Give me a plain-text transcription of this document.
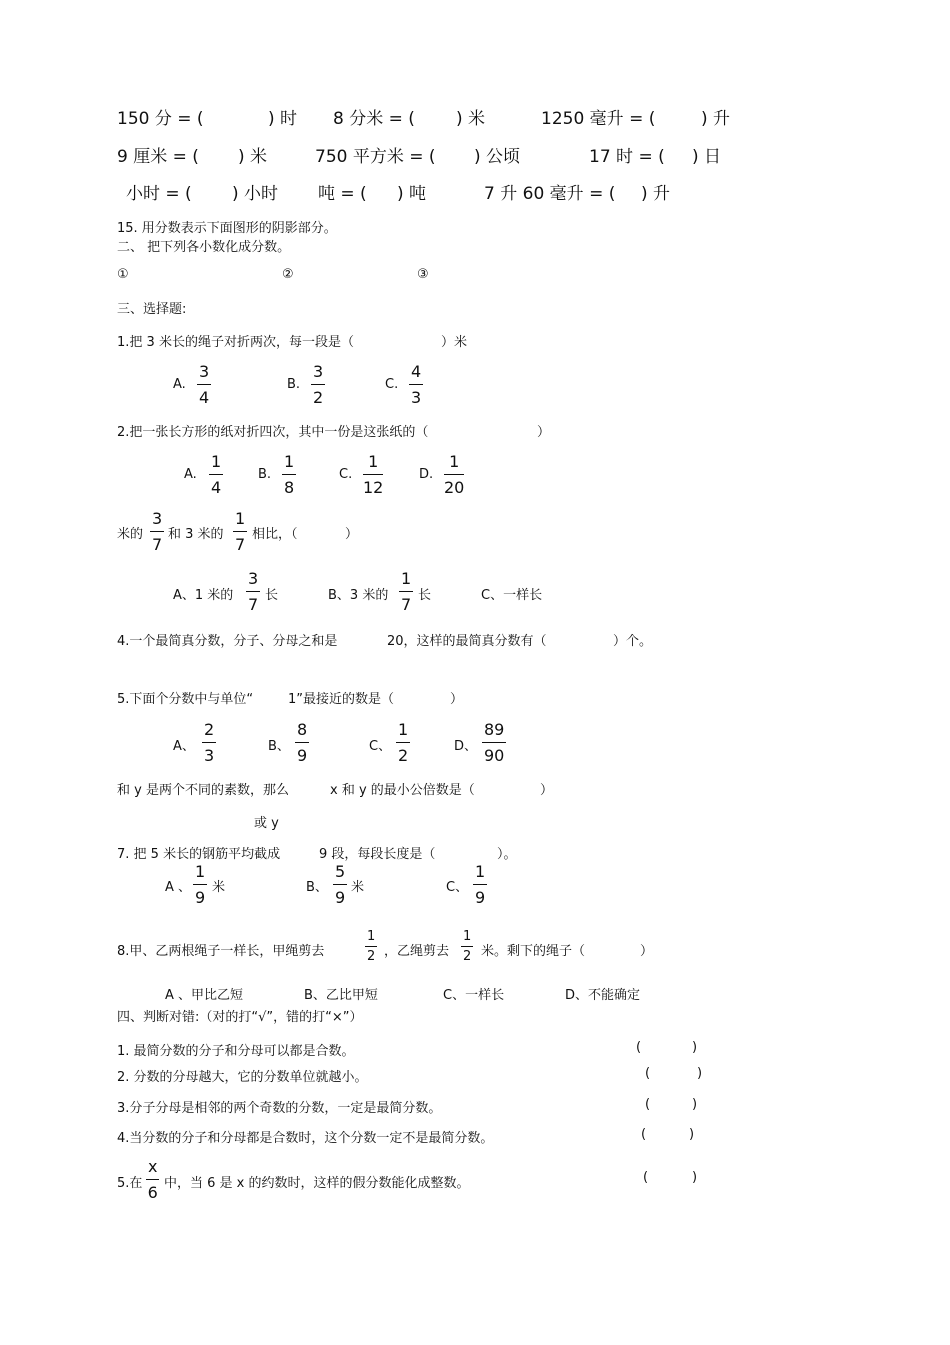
150 分 = (	) 时 8 分米 = ( ) 米	1250 毫升 = (	) 升
9 厘米 = ( ) 米	750 平方米 = ( ) 公顷	17 时 = ( ) 日
小时 = ( ) 小时 吨 = ( ) 吨	7 升 60 毫升 = ( ) 升
15. 用分数表示下面图形的阴影部分。
二、 把下列各小数化成分数。
①	②	③
三、选择题:
1.把 3 米长的绳子对折两次，每一段是（	）米
A.
3
4
B.
3
2
C.
4
3
2.把一张长方形的纸对折四次，其中一份是这张纸的（	）
A.
1
4
B.
1
8
C.
1
12
D.
1
20
米的
3
7
和 3 米的
1
7
相比，（	）
A、1 米的
3
7 长	B、3 米的
1
7 长	C、一样长
4.一个最简真分数，分子、分母之和是	20，这样的最简真分数有（	）个。
5.下面个分数中与单位“	1”最接近的数是（	）
A、
2
3	B、
8
9	C、
1
2	D、
89
90
和 y 是两个不同的素数，那么	x 和 y 的最小公倍数是（	）
或 y
7. 把 5 米长的钢筋平均截成	9 段，每段长度是（	）。
A 、
1
9
米	B、
5
9
米	C、
1
9
8.甲、乙两根绳子一样长，甲绳剪去
1
2 ，乙绳剪去
1
2 米。剩下的绳子（	）
A 、甲比乙短	B、乙比甲短	C、一样长	D、不能确定
四、判断对错:（对的打“√”，错的打“×”）
1. 最简分数的分子和分母可以都是合数。	(	)
2. 分数的分母越大，它的分数单位就越小。	(	)
3.分子分母是相邻的两个奇数的分数，一定是最简分数。	(	)
4.当分数的分子和分母都是合数时，这个分数一定不是最简分数。	(	)
5.在
x
6 中，当 6 是 x 的约数时，这样的假分数能化成整数。	(	)
